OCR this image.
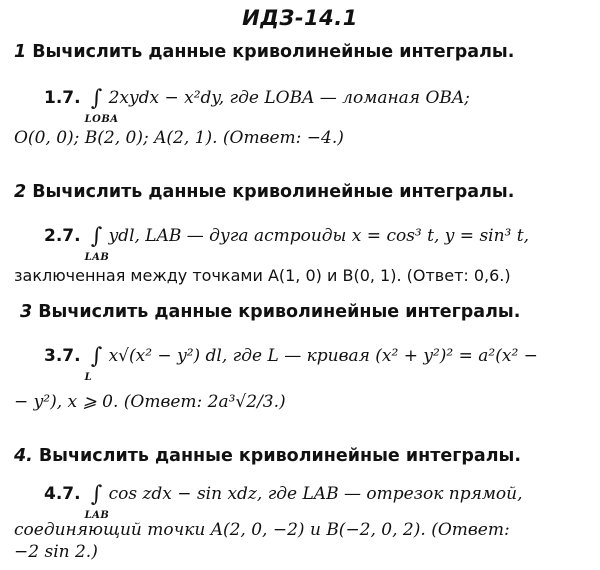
ИДЗ-14.1
1 Вычислить данные криволинейные интегралы.
1.7. ∫
LOBA
2xydx − x²dy, где LOBA — ломаная OBA;
O(0, 0); B(2, 0); A(2, 1). (Ответ: −4.)
2 Вычислить данные криволинейные интегралы.
2.7. ∫
LAB
ydl, LAB — дуга астроиды x = cos³ t, y = sin³ t,
заключенная между точками A(1, 0) и B(0, 1). (Ответ: 0,6.)
3 Вычислить данные криволинейные интегралы.
3.7. ∫
L
x√(x² − y²) dl, где L — кривая (x² + y²)² = a²(x² −
− y²), x ⩾ 0. (Ответ: 2a³√2/3.)
4. Вычислить данные криволинейные интегралы.
4.7. ∫
LAB
cos zdx − sin xdz, где LAB — отрезок прямой,
соединяющий точки A(2, 0, −2) и B(−2, 0, 2). (Ответ:
−2 sin 2.)
